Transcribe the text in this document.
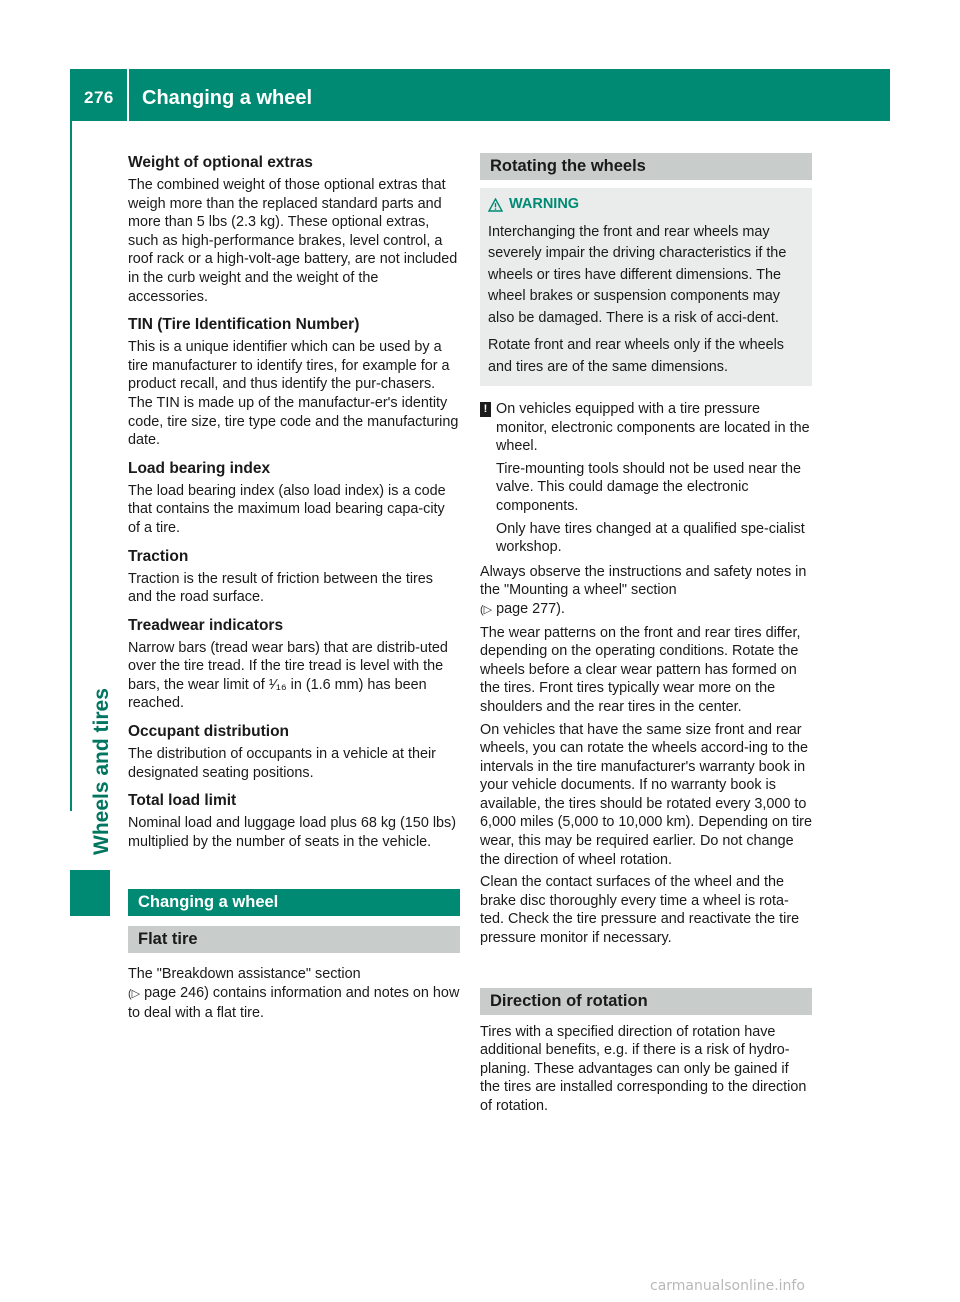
276 Changing a wheel
Wheels and tires
Weight of optional extras

The combined weight of those optional extras that weigh more than the replaced standard parts and more than 5 lbs (2.3 kg). These optional extras, such as high-performance brakes, level control, a roof rack or a high-volt-age battery, are not included in the curb weight and the weight of the accessories.

TIN (Tire Identification Number)

This is a unique identifier which can be used by a tire manufacturer to identify tires, for example for a product recall, and thus identify the pur-chasers. The TIN is made up of the manufactur-er's identity code, tire size, tire type code and the manufacturing date.

Load bearing index

The load bearing index (also load index) is a code that contains the maximum load bearing capa-city of a tire.

Traction

Traction is the result of friction between the tires and the road surface.

Treadwear indicators

Narrow bars (tread wear bars) that are distrib-uted over the tire tread. If the tire tread is level with the bars, the wear limit of ¹⁄₁₆ in (1.6 mm) has been reached.

Occupant distribution

The distribution of occupants in a vehicle at their designated seating positions.

Total load limit

Nominal load and luggage load plus 68 kg (150 lbs) multiplied by the number of seats in the vehicle.

Changing a wheel
Flat tire

The "Breakdown assistance" section
(▷ page 246) contains information and notes on how to deal with a flat tire.

Rotating the wheels
WARNING

Interchanging the front and rear wheels may severely impair the driving characteristics if the wheels or tires have different dimensions. The wheel brakes or suspension components may also be damaged. There is a risk of acci-dent.

Rotate front and rear wheels only if the wheels and tires are of the same dimensions.

! On vehicles equipped with a tire pressure monitor, electronic components are located in the wheel.

Tire-mounting tools should not be used near the valve. This could damage the electronic components.

Only have tires changed at a qualified spe-cialist workshop.

Always observe the instructions and safety notes in the "Mounting a wheel" section
(▷ page 277).

The wear patterns on the front and rear tires differ, depending on the operating conditions. Rotate the wheels before a clear wear pattern has formed on the tires. Front tires typically wear more on the shoulders and the rear tires in the center.

On vehicles that have the same size front and rear wheels, you can rotate the wheels accord-ing to the intervals in the tire manufacturer's warranty book in your vehicle documents. If no warranty book is available, the tires should be rotated every 3,000 to 6,000 miles (5,000 to 10,000 km). Depending on tire wear, this may be required earlier. Do not change the direction of wheel rotation.

Clean the contact surfaces of the wheel and the brake disc thoroughly every time a wheel is rota-ted. Check the tire pressure and reactivate the tire pressure monitor if necessary.

Direction of rotation

Tires with a specified direction of rotation have additional benefits, e.g. if there is a risk of hydro-planing. These advantages can only be gained if the tires are installed corresponding to the direction of rotation.

carmanualsonline.info
